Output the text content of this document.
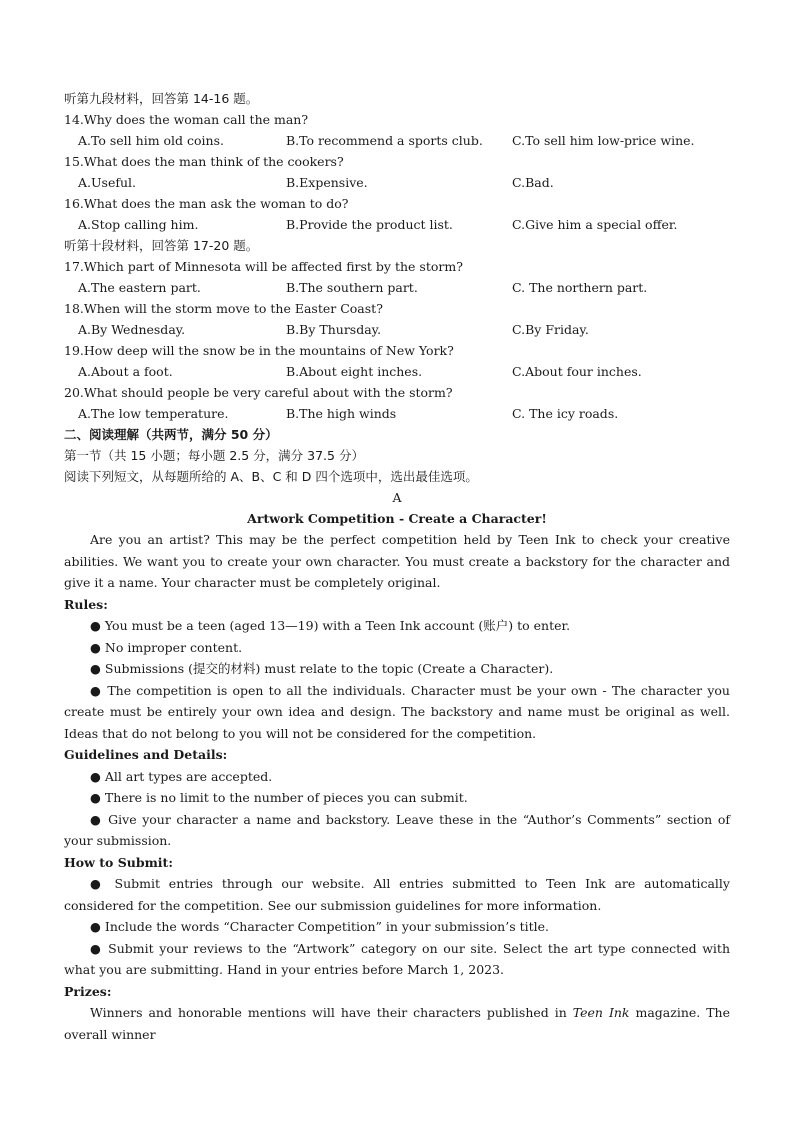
听第九段材料，回答第 14-16 题。
14.Why does the woman call the man?
A.To sell him old coins.	B.To recommend a sports club. C.To sell him low-price wine.
15.What does the man think of the cookers?
A.Useful.	B.Expensive.	C.Bad.
16.What does the man ask the woman to do?
A.Stop calling him.	B.Provide the product list.	C.Give him a special offer.
听第十段材料，回答第 17-20 题。
17.Which part of Minnesota will be affected first by the storm?
A.The eastern part.	B.The southern part.	C. The northern part.
18.When will the storm move to the Easter Coast?
A.By Wednesday.	B.By Thursday.	C.By Friday.
19.How deep will the snow be in the mountains of New York?
A.About a foot.	B.About eight inches.	C.About four inches.
20.What should people be very careful about with the storm?
A.The low temperature.	B.The high winds	C. The icy roads.
二、阅读理解（共两节，满分 50 分）
第一节（共 15 小题；每小题 2.5 分，满分 37.5 分）
阅读下列短文，从每题所给的 A、B、C 和 D 四个选项中，选出最佳选项。
A
Artwork Competition - Create a Character!

Are you an artist? This may be the perfect competition held by Teen Ink to check your creative abilities. We want you to create your own character. You must create a backstory for the character and give it a name. Your character must be completely original.

Rules:

● You must be a teen (aged 13—19) with a Teen Ink account (账户) to enter.

● No improper content.

● Submissions (提交的材料) must relate to the topic (Create a Character).

● The competition is open to all the individuals. Character must be your own - The character you create must be entirely your own idea and design. The backstory and name must be original as well. Ideas that do not belong to you will not be considered for the competition.

Guidelines and Details:

● All art types are accepted.

● There is no limit to the number of pieces you can submit.

● Give your character a name and backstory. Leave these in the “Author’s Comments” section of your submission.

How to Submit:

● Submit entries through our website. All entries submitted to Teen Ink are automatically considered for the competition. See our submission guidelines for more information.

● Include the words “Character Competition” in your submission’s title.

● Submit your reviews to the “Artwork” category on our site. Select the art type connected with what you are submitting. Hand in your entries before March 1, 2023.

Prizes:

Winners and honorable mentions will have their characters published in Teen Ink magazine. The overall winner
